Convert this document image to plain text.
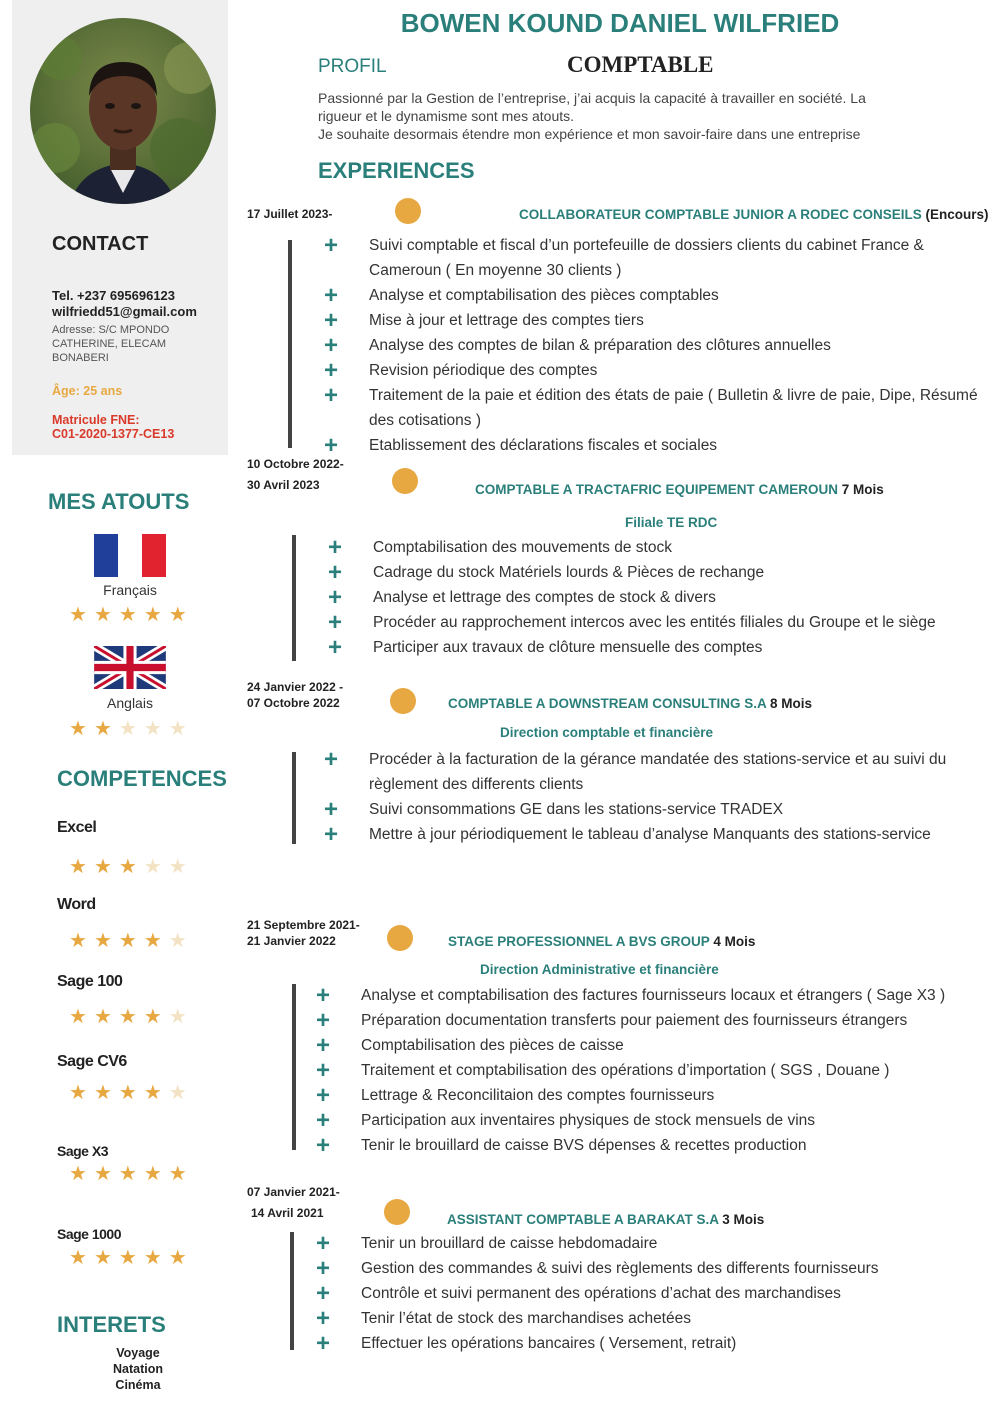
CONTACT
Tel. +237 695696123
wilfriedd51@gmail.com
Adresse: S/C MPONDO
CATHERINE, ELECAM
BONABERI
Âge: 25 ans
Matricule FNE:
C01-2020-1377-CE13
MES ATOUTS
Français
★ ★ ★ ★ ★
Anglais
★ ★ ★ ★ ★
COMPETENCES
Excel
★ ★ ★ ★ ★
Word
★ ★ ★ ★ ★
Sage 100
★ ★ ★ ★ ★
Sage CV6
★ ★ ★ ★ ★
Sage X3
★ ★ ★ ★ ★
Sage 1000
★ ★ ★ ★ ★
INTERETS
Voyage
Natation
Cinéma
BOWEN KOUND DANIEL WILFRIED
PROFIL	COMPTABLE
Passionné par la Gestion de l’entreprise, j’ai acquis la capacité à travailler en société. La
rigueur et le dynamisme sont mes atouts.
Je souhaite desormais étendre mon expérience et mon savoir-faire dans une entreprise
EXPERIENCES
17 Juillet 2023-	COLLABORATEUR COMPTABLE JUNIOR A RODEC CONSEILS (Encours)
+ Suivi comptable et fiscal d’un portefeuille de dossiers clients du cabinet France &
Cameroun ( En moyenne 30 clients )
+ Analyse et comptabilisation des pièces comptables
+ Mise à jour et lettrage des comptes tiers
+ Analyse des comptes de bilan & préparation des clôtures annuelles
+ Revision périodique des comptes
+ Traitement de la paie et édition des états de paie ( Bulletin & livre de paie, Dipe, Résumé
des cotisations )
+ Etablissement des déclarations fiscales et sociales
10 Octobre 2022-
30 Avril 2023	COMPTABLE A TRACTAFRIC EQUIPEMENT CAMEROUN 7 Mois
Filiale TE RDC
+ Comptabilisation des mouvements de stock
+ Cadrage du stock Matériels lourds & Pièces de rechange
+ Analyse et lettrage des comptes de stock & divers
+ Procéder au rapprochement intercos avec les entités filiales du Groupe et le siège
+ Participer aux travaux de clôture mensuelle des comptes
24 Janvier 2022 -
07 Octobre 2022	COMPTABLE A DOWNSTREAM CONSULTING S.A 8 Mois
Direction comptable et financière
+ Procéder à la facturation de la gérance mandatée des stations-service et au suivi du
règlement des differents clients
+ Suivi consommations GE dans les stations-service TRADEX
+ Mettre à jour périodiquement le tableau d’analyse Manquants des stations-service
21 Septembre 2021-
21 Janvier 2022	STAGE PROFESSIONNEL A BVS GROUP 4 Mois
Direction Administrative et financière
+ Analyse et comptabilisation des factures fournisseurs locaux et étrangers ( Sage X3 )
+ Préparation documentation transferts pour paiement des fournisseurs étrangers
+ Comptabilisation des pièces de caisse
+ Traitement et comptabilisation des opérations d’importation ( SGS , Douane )
+ Lettrage & Reconcilitaion des comptes fournisseurs
+ Participation aux inventaires physiques de stock mensuels de vins
+ Tenir le brouillard de caisse BVS dépenses & recettes production
07 Janvier 2021-
14 Avril 2021	ASSISTANT COMPTABLE A BARAKAT S.A 3 Mois
+ Tenir un brouillard de caisse hebdomadaire
+ Gestion des commandes & suivi des règlements des differents fournisseurs
+ Contrôle et suivi permanent des opérations d’achat des marchandises
+ Tenir l’état de stock des marchandises achetées
+ Effectuer les opérations bancaires ( Versement, retrait)
